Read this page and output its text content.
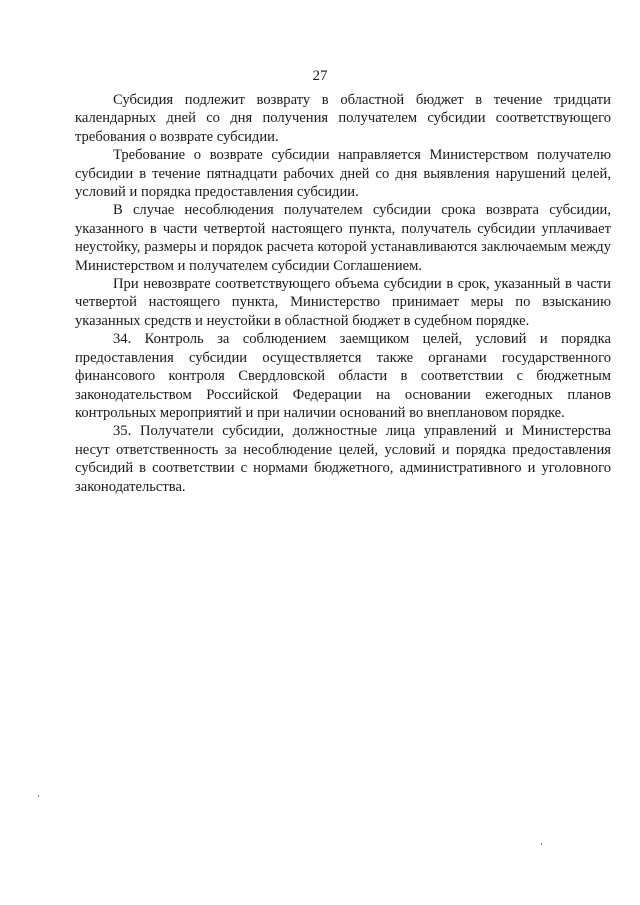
27

Субсидия подлежит возврату в областной бюджет в течение тридцати календарных дней со дня получения получателем субсидии соответствующего требования о возврате субсидии.

Требование о возврате субсидии направляется Министерством получателю субсидии в течение пятнадцати рабочих дней со дня выявления нарушений целей, условий и порядка предоставления субсидии.

В случае несоблюдения получателем субсидии срока возврата субсидии, указанного в части четвертой настоящего пункта, получатель субсидии уплачивает неустойку, размеры и порядок расчета которой устанавливаются заключаемым между Министерством и получателем субсидии Соглашением.

При невозврате соответствующего объема субсидии в срок, указанный в части четвертой настоящего пункта, Министерство принимает меры по взысканию указанных средств и неустойки в областной бюджет в судебном порядке.

34. Контроль за соблюдением заемщиком целей, условий и порядка предоставления субсидии осуществляется также органами государственного финансового контроля Свердловской области в соответствии с бюджетным законодательством Российской Федерации на основании ежегодных планов контрольных мероприятий и при наличии оснований во внеплановом порядке.

35. Получатели субсидии, должностные лица управлений и Министерства несут ответственность за несоблюдение целей, условий и порядка предоставления субсидий в соответствии с нормами бюджетного, административного и уголовного законодательства.
